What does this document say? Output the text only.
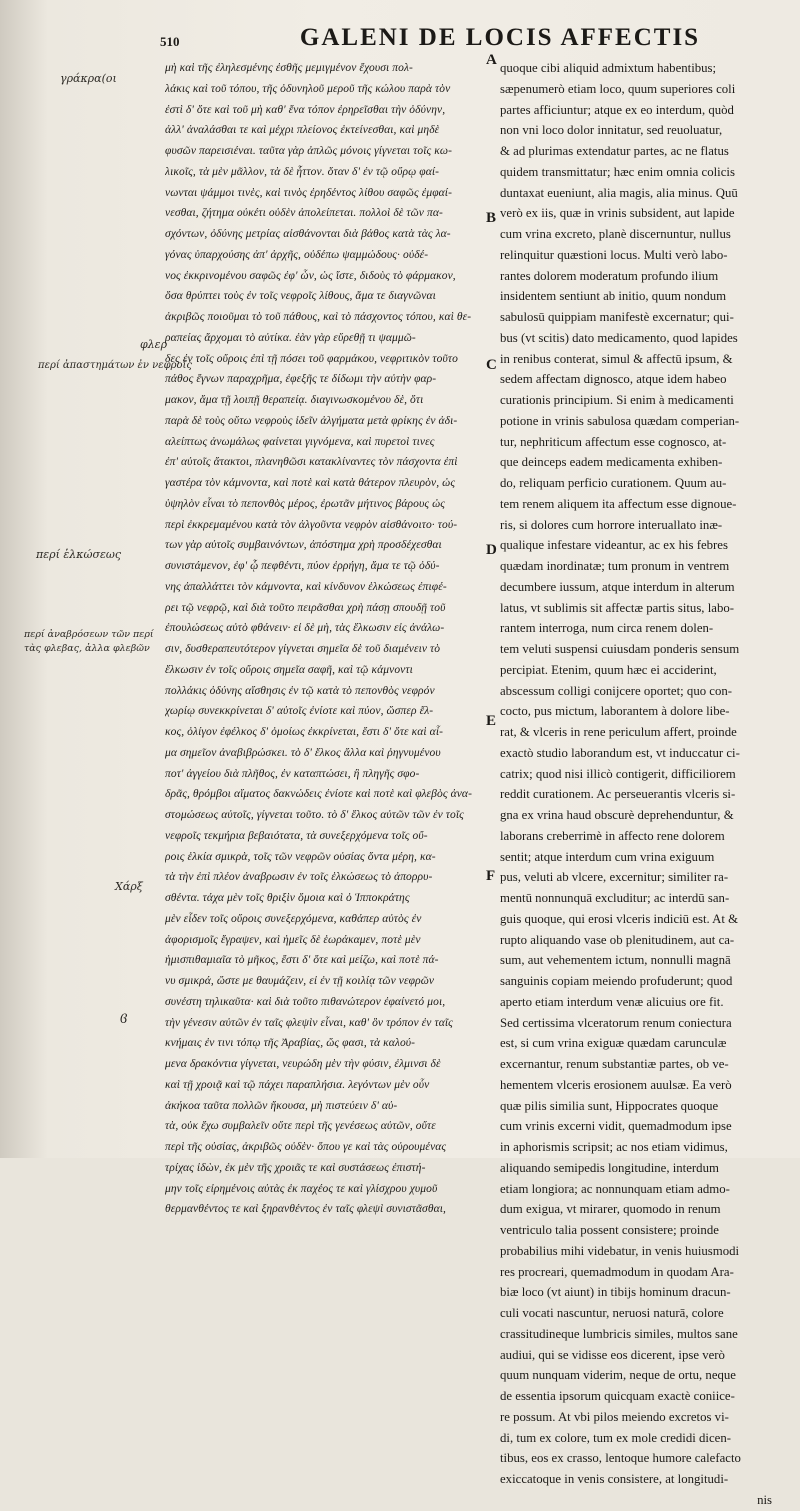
510	GALENI DE LOCIS AFFECTIS
A
B
C
D
E
F
γράκρα(οι
φλερ
περί ἀπαστημάτων ἐν νεφροῖς
περί ἑλκώσεως
περί ἀναβρόσεων τῶν περί τὰς φλεβας, ἀλλα φλεβῶν
Χάρξ
ϐ
μὴ καὶ τῆς ἐληλεσμένης ἐσθῆς μεμιγμένον ἔχουσι πολ-
λάκις καὶ τοῦ τόπου, τῆς ὀδυνηλοῦ μεροῦ τῆς κώλου παρὰ τὸν
ἐστὶ δ' ὅτε καὶ τοῦ μὴ καθ' ἕνα τόπον ἐρηρεῖσθαι τὴν ὀδύνην,
ἀλλ' ἀναλάσθαι τε καὶ μέχρι πλείονος ἐκτείνεσθαι, καὶ μηδὲ
φυσῶν παρεισιέναι. ταῦτα γὰρ ἁπλῶς μόνοις γίγνεται τοῖς κω-
λικοῖς, τὰ μὲν μᾶλλον, τὰ δὲ ἧττον. ὅταν δ' ἐν τῷ οὔρῳ φαί-
νωνται ψάμμοι τινὲς, καὶ τινὸς ἐρηδέντος λίθου σαφῶς ἐμφαί-
νεσθαι, ζήτημα οὐκέτι οὐδὲν ἀπολείπεται. πολλοὶ δὲ τῶν πα-
σχόντων, ὀδύνης μετρίας αἰσθάνονται διὰ βάθος κατὰ τὰς λα-
γόνας ὑπαρχούσης ἀπ' ἀρχῆς, οὐδέπω ψαμμώδους· οὐδέ-
νος ἐκκρινομένου σαφῶς ἐφ' ὧν, ὡς ἴστε, διδοὺς τὸ φάρμακον,
ὅσα θρύπτει τοὺς ἐν τοῖς νεφροῖς λίθους, ἅμα τε διαγνῶναι
ἀκριβῶς ποιοῦμαι τὸ τοῦ πάθους, καὶ τὸ πάσχοντος τόπου, καὶ θε-
ραπείας ἄρχομαι τὸ αὐτίκα. ἐὰν γὰρ εὕρεθῇ τι ψαμμῶ-
δες ἐν τοῖς οὔροις ἐπὶ τῇ πόσει τοῦ φαρμάκου, νεφριτικὸν τοῦτο
πάθος ἔγνων παραχρῆμα, ἐφεξῆς τε δίδωμι τὴν αὐτὴν φαρ-
μακον, ἅμα τῇ λοιπῇ θεραπείᾳ. διαγινωσκομένου δὲ, ὅτι
παρὰ δὲ τοὺς οὕτω νεφροὺς ἰδεῖν ἀλγήματα μετὰ φρίκης ἐν ἀδι-
αλείπτως ἀνωμάλως φαίνεται γιγνόμενα, καὶ πυρετοὶ τινες
ἐπ' αὐτοῖς ἄτακτοι, πλανηθῶσι κατακλίναντες τὸν πάσχοντα ἐπὶ
γαστέρα τὸν κάμνοντα, καὶ ποτὲ καὶ κατὰ θάτερον πλευρὸν, ὡς
ὑψηλὸν εἶναι τὸ πεπονθὸς μέρος, ἐρωτᾶν μήτινος βάρους ὡς
περὶ ἐκκρεμαμένου κατὰ τὸν ἀλγοῦντα νεφρὸν αἰσθάνοιτο· τού-
των γὰρ αὐτοῖς συμβαινόντων, ἀπόστημα χρὴ προσδέχεσθαι
συνιστάμενον, ἐφ' ᾧ πεφθέντι, πύον ἐρρήγη, ἅμα τε τῷ ὀδύ-
νης ἀπαλλάττει τὸν κάμνοντα, καὶ κίνδυνον ἑλκώσεως ἐπιφέ-
ρει τῷ νεφρῷ, καὶ διὰ τοῦτο πειρᾶσθαι χρὴ πάσῃ σπουδῇ τοῦ
ἐπουλώσεως αὐτὸ φθάνειν· εἰ δὲ μὴ, τὰς ἕλκωσιν εἰς ἀνάλω-
σιν, δυσθεραπευτότερον γίγνεται σημεῖα δὲ τοῦ διαμένειν τὸ
ἕλκωσιν ἐν τοῖς οὔροις σημεῖα σαφῆ, καὶ τῷ κάμνοντι
πολλάκις ὀδύνης αἴσθησις ἐν τῷ κατὰ τὸ πεπονθὸς νεφρόν
χωρίῳ συνεκκρίνεται δ' αὐτοῖς ἐνίοτε καὶ πύον, ὥσπερ ἔλ-
κος, ὀλίγον ἐφέλκος δ' ὁμοίως ἐκκρίνεται, ἔστι δ' ὅτε καὶ αἷ-
μα σημεῖον ἀναβιβρώσκει. τὸ δ' ἕλκος ἄλλα καὶ ῥηγνυμένου
ποτ' ἀγγείου διὰ πλῆθος, ἐν καταπτώσει, ἢ πληγῆς σφο-
δρᾶς, θρόμβοι αἵματος δακνώδεις ἐνίοτε καὶ ποτὲ καὶ φλεβὸς ἀνα-
στομώσεως αὐτοῖς, γίγνεται τοῦτο. τὸ δ' ἕλκος αὐτῶν τῶν ἐν τοῖς
νεφροῖς τεκμήρια βεβαιότατα, τὰ συνεξερχόμενα τοῖς οὔ-
ροις ἑλκία σμικρὰ, τοῖς τῶν νεφρῶν οὐσίας ὄντα μέρη, κα-
τὰ τὴν ἐπὶ πλέον ἀναβρωσιν ἐν τοῖς ἑλκώσεως τὸ ἀπορρυ-
σθέντα. τάχα μὲν τοῖς θριξὶν ὅμοια καὶ ὁ Ἱπποκράτης
μὲν εἶδεν τοῖς οὔροις συνεξερχόμενα, καθάπερ αὐτὸς ἐν
ἀφορισμοῖς ἔγραψεν, καὶ ἡμεῖς δὲ ἑωράκαμεν, ποτὲ μὲν
ἡμισπιθαμιαῖα τὸ μῆκος, ἔστι δ' ὅτε καὶ μείζω, καὶ ποτὲ πά-
νυ σμικρά, ὥστε με θαυμάζειν, εἰ ἐν τῇ κοιλίᾳ τῶν νεφρῶν
συνέστη τηλικαῦτα· καὶ διὰ τοῦτο πιθανώτερον ἐφαίνετό μοι,
τὴν γένεσιν αὐτῶν ἐν ταῖς φλεψὶν εἶναι, καθ' ὃν τρόπον ἐν ταῖς
κνήμαις ἐν τινι τόπῳ τῆς Ἀραβίας, ὥς φασι, τὰ καλού-
μενα δρακόντια γίγνεται, νευρώδη μὲν τὴν φύσιν, ἐλμινσι δὲ
καὶ τῇ χροιᾷ καὶ τῷ πάχει παραπλήσια. λεγόντων μὲν οὖν
ἀκήκοα ταῦτα πολλῶν ἤκουσα, μὴ πιστεύειν δ' αὐ-
τὰ, οὐκ ἔχω συμβαλεῖν οὔτε περὶ τῆς γενέσεως αὐτῶν, οὔτε
περὶ τῆς οὐσίας, ἀκριβῶς οὐδὲν· ὅπου γε καὶ τὰς οὐρουμένας
τρίχας ἰδὼν, ἐκ μὲν τῆς χροιᾶς τε καὶ συστάσεως ἐπιστή-
μην τοῖς εἰρημένοις αὐτὰς ἐκ παχέος τε καὶ γλίσχρου χυμοῦ
θερμανθέντος τε καὶ ξηρανθέντος ἐν ταῖς φλεψὶ συνιστᾶσθαι,
quoque cibi aliquid admixtum habentibus;
sæpenumerò etiam loco, quum superiores coli
partes afficiuntur; atque ex eo interdum, quòd
non vni loco dolor innitatur, sed reuoluatur,
& ad plurimas extendatur partes, ac ne flatus
quidem transmittatur; hæc enim omnia colicis
duntaxat eueniunt, alia magis, alia minus. Quū
verò ex iis, quæ in vrinis subsident, aut lapide
cum vrina excreto, planè discernuntur, nullus
relinquitur quæstioni locus. Multi verò labo-
rantes dolorem moderatum profundo ilium
insidentem sentiunt ab initio, quum nondum
sabulosū quippiam manifestè excernatur; qui-
bus (vt scitis) dato medicamento, quod lapides
in renibus conterat, simul & affectū ipsum, &
sedem affectam dignosco, atque idem habeo
curationis principium. Si enim à medicamenti
potione in vrinis sabulosa quædam comperian-
tur, nephriticum affectum esse cognosco, at-
que deinceps eadem medicamenta exhiben-
do, reliquam perficio curationem. Quum au-
tem renem aliquem ita affectum esse dignoue-
ris, si dolores cum horrore interuallato inæ-
qualique infestare videantur, ac ex his febres
quædam inordinatæ; tum pronum in ventrem
decumbere iussum, atque interdum in alterum
latus, vt sublimis sit affectæ partis situs, labo-
rantem interroga, num circa renem dolen-
tem veluti suspensi cuiusdam ponderis sensum
percipiat. Etenim, quum hæc ei acciderint,
abscessum colligi conijcere oportet; quo con-
cocto, pus mictum, laborantem à dolore libe-
rat, & vlceris in rene periculum affert, proinde
exactò studio laborandum est, vt induccatur ci-
catrix; quod nisi illicò contigerit, difficiliorem
reddit curationem. Ac perseuerantis vlceris si-
gna ex vrina haud obscurè deprehenduntur, &
laborans creberrimè in affecto rene dolorem
sentit; atque interdum cum vrina exiguum
pus, veluti ab vlcere, excernitur; similiter ra-
mentū nonnunquā excluditur; ac interdū san-
guis quoque, qui erosi vlceris indiciū est. At &
rupto aliquando vase ob plenitudinem, aut ca-
sum, aut vehementem ictum, nonnulli magnā
sanguinis copiam meiendo profuderunt; quod
aperto etiam interdum venæ alicuius ore fit.
Sed certissima vlceratorum renum coniectura
est, si cum vrina exiguæ quædam carunculæ
excernantur, renum substantiæ partes, ob ve-
hementem vlceris erosionem auulsæ. Ea verò
quæ pilis similia sunt, Hippocrates quoque
cum vrinis excerni vidit, quemadmodum ipse
in aphorismis scripsit; ac nos etiam vidimus,
aliquando semipedis longitudine, interdum
etiam longiora; ac nonnunquam etiam admo-
dum exigua, vt mirarer, quomodo in renum
ventriculo talia possent consistere; proinde
probabilius mihi videbatur, in venis huiusmodi
res procreari, quemadmodum in quodam Ara-
biæ loco (vt aiunt) in tibijs hominum dracun-
culi vocati nascuntur, neruosi naturā, colore
crassitudineque lumbricis similes, multos sane
audiui, qui se vidisse eos dicerent, ipse verò
quum nunquam viderim, neque de ortu, neque
de essentia ipsorum quicquam exactè coniice-
re possum. At vbi pilos meiendo excretos vi-
di, tum ex colore, tum ex mole credidi dicen-
tibus, eos ex crasso, lentoque humore calefacto
exiccatoque in venis consistere, at longitudi-
nis
